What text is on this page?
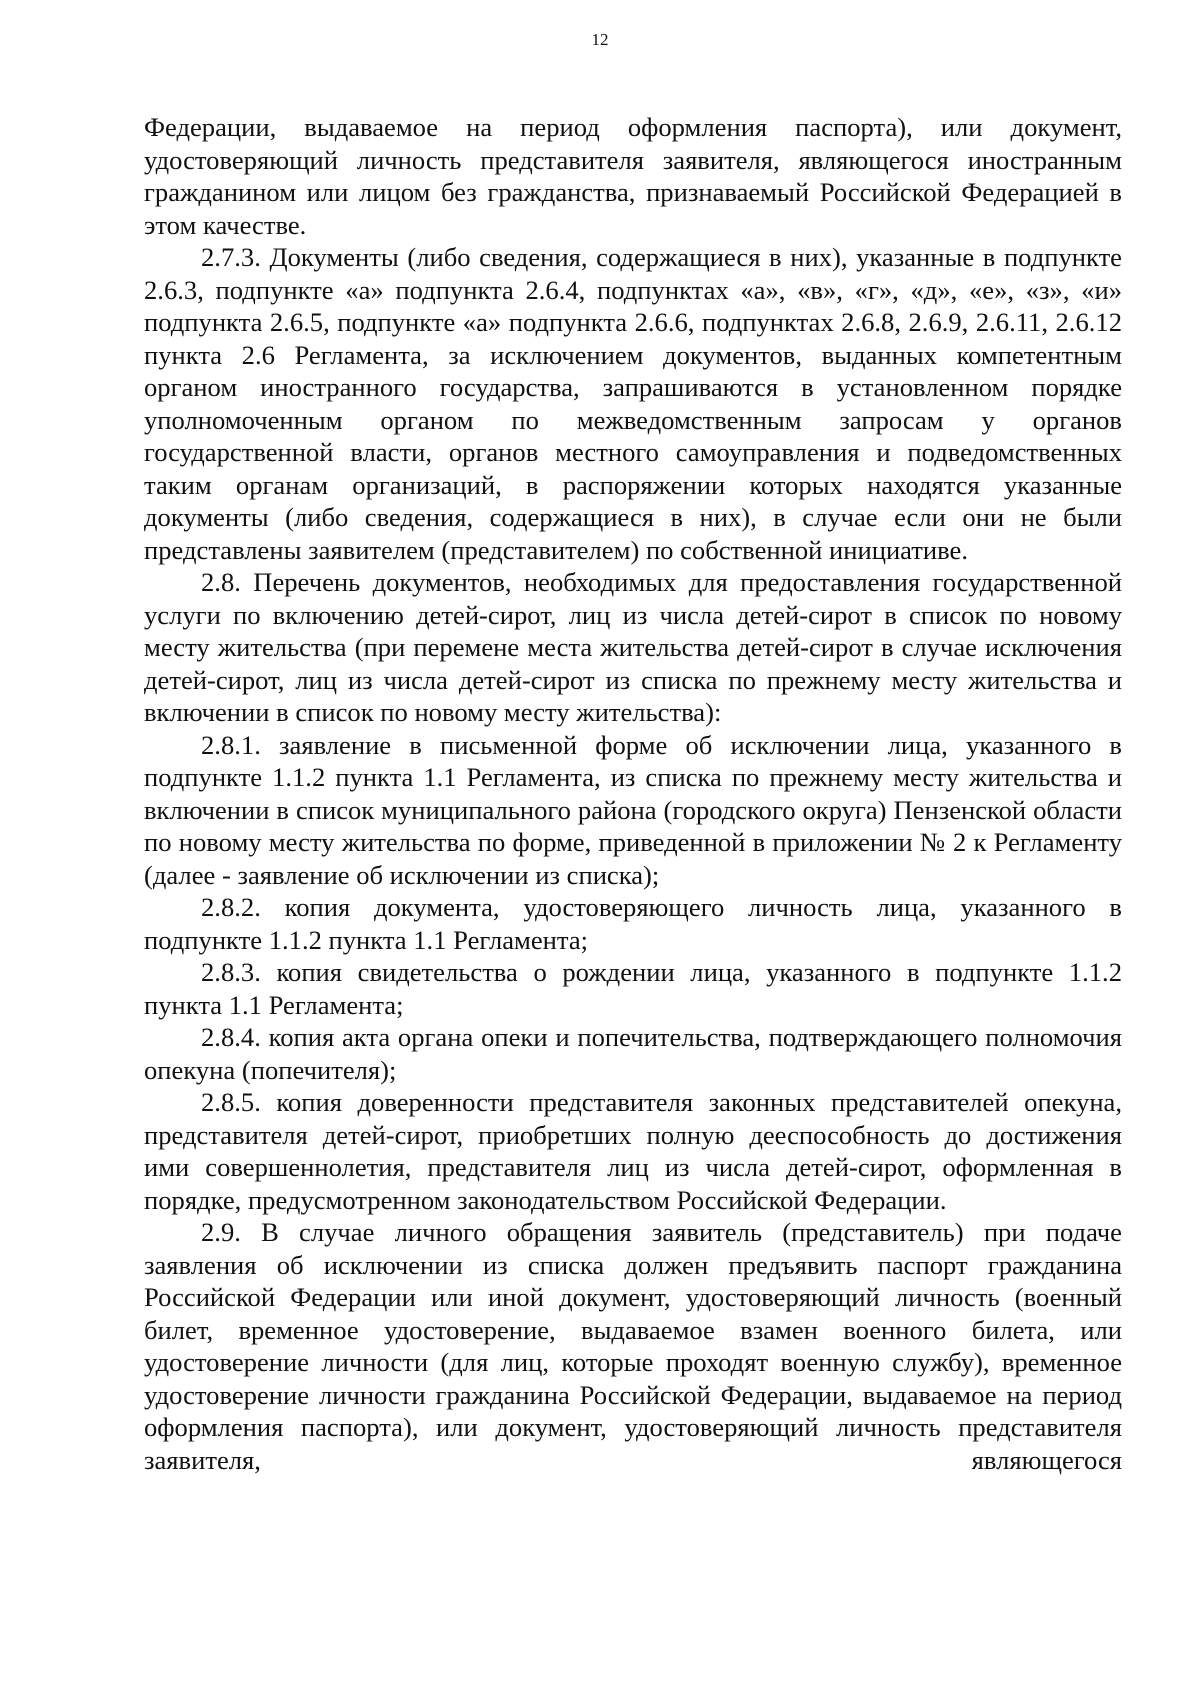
12

Федерации, выдаваемое на период оформления паспорта), или документ, удостоверяющий личность представителя заявителя, являющегося иностранным гражданином или лицом без гражданства, признаваемый Российской Федерацией в этом качестве.

2.7.3. Документы (либо сведения, содержащиеся в них), указанные в подпункте 2.6.3, подпункте «а» подпункта 2.6.4, подпунктах «а», «в», «г», «д», «е», «з», «и» подпункта 2.6.5, подпункте «а» подпункта 2.6.6, подпунктах 2.6.8, 2.6.9, 2.6.11, 2.6.12 пункта 2.6 Регламента, за исключением документов, выданных компетентным органом иностранного государства, запрашиваются в установленном порядке уполномоченным органом по межведомственным запросам у органов государственной власти, органов местного самоуправления и подведомственных таким органам организаций, в распоряжении которых находятся указанные документы (либо сведения, содержащиеся в них), в случае если они не были представлены заявителем (представителем) по собственной инициативе.

2.8. Перечень документов, необходимых для предоставления государственной услуги по включению детей-сирот, лиц из числа детей-сирот в список по новому месту жительства (при перемене места жительства детей-сирот в случае исключения детей-сирот, лиц из числа детей-сирот из списка по прежнему месту жительства и включении в список по новому месту жительства):

2.8.1. заявление в письменной форме об исключении лица, указанного в подпункте 1.1.2 пункта 1.1 Регламента, из списка по прежнему месту жительства и включении в список муниципального района (городского округа) Пензенской области по новому месту жительства по форме, приведенной в приложении № 2 к Регламенту (далее - заявление об исключении из списка);

2.8.2. копия документа, удостоверяющего личность лица, указанного в подпункте 1.1.2 пункта 1.1 Регламента;

2.8.3. копия свидетельства о рождении лица, указанного в подпункте 1.1.2 пункта 1.1 Регламента;

2.8.4. копия акта органа опеки и попечительства, подтверждающего полномочия опекуна (попечителя);

2.8.5. копия доверенности представителя законных представителей опекуна, представителя детей-сирот, приобретших полную дееспособность до достижения ими совершеннолетия, представителя лиц из числа детей-сирот, оформленная в порядке, предусмотренном законодательством Российской Федерации.

2.9. В случае личного обращения заявитель (представитель) при подаче заявления об исключении из списка должен предъявить паспорт гражданина Российской Федерации или иной документ, удостоверяющий личность (военный билет, временное удостоверение, выдаваемое взамен военного билета, или удостоверение личности (для лиц, которые проходят военную службу), временное удостоверение личности гражданина Российской Федерации, выдаваемое на период оформления паспорта), или документ, удостоверяющий личность представителя заявителя, являющегося
